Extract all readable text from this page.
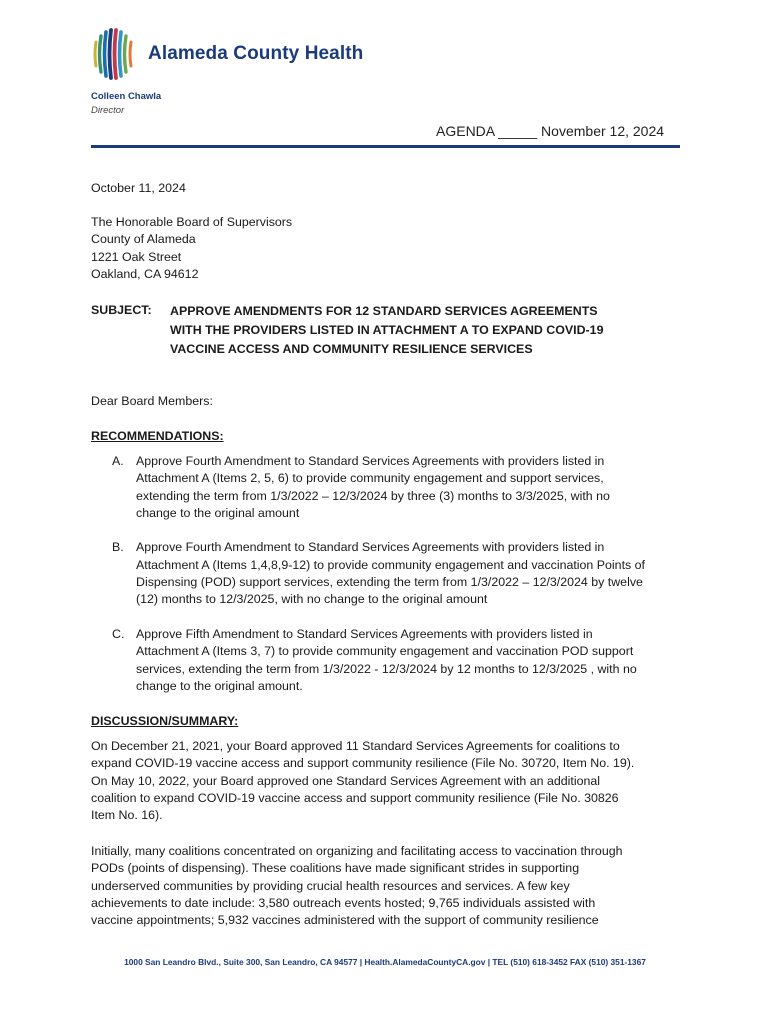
Alameda County Health
Colleen Chawla
Director
AGENDA _____ November 12, 2024
October 11, 2024
The Honorable Board of Supervisors
County of Alameda
1221 Oak Street
Oakland, CA 94612
SUBJECT: APPROVE AMENDMENTS FOR 12 STANDARD SERVICES AGREEMENTS
WITH THE PROVIDERS LISTED IN ATTACHMENT A TO EXPAND COVID-19
VACCINE ACCESS AND COMMUNITY RESILIENCE SERVICES
Dear Board Members:
RECOMMENDATIONS:
A. Approve Fourth Amendment to Standard Services Agreements with providers listed in
Attachment A (Items 2, 5, 6) to provide community engagement and support services,
extending the term from 1/3/2022 – 12/3/2024 by three (3) months to 3/3/2025, with no
change to the original amount
B. Approve Fourth Amendment to Standard Services Agreements with providers listed in
Attachment A (Items 1,4,8,9-12) to provide community engagement and vaccination Points of
Dispensing (POD) support services, extending the term from 1/3/2022 – 12/3/2024 by twelve
(12) months to 12/3/2025, with no change to the original amount
C. Approve Fifth Amendment to Standard Services Agreements with providers listed in
Attachment A (Items 3, 7) to provide community engagement and vaccination POD support
services, extending the term from 1/3/2022 - 12/3/2024 by 12 months to 12/3/2025 , with no
change to the original amount.
DISCUSSION/SUMMARY:
On December 21, 2021, your Board approved 11 Standard Services Agreements for coalitions to
expand COVID-19 vaccine access and support community resilience (File No. 30720, Item No. 19).
On May 10, 2022, your Board approved one Standard Services Agreement with an additional
coalition to expand COVID-19 vaccine access and support community resilience (File No. 30826
Item No. 16).
Initially, many coalitions concentrated on organizing and facilitating access to vaccination through
PODs (points of dispensing). These coalitions have made significant strides in supporting
underserved communities by providing crucial health resources and services. A few key
achievements to date include: 3,580 outreach events hosted; 9,765 individuals assisted with
vaccine appointments; 5,932 vaccines administered with the support of community resilience
1000 San Leandro Blvd., Suite 300, San Leandro, CA 94577 | Health.AlamedaCountyCA.gov | TEL (510) 618-3452 FAX (510) 351-1367
